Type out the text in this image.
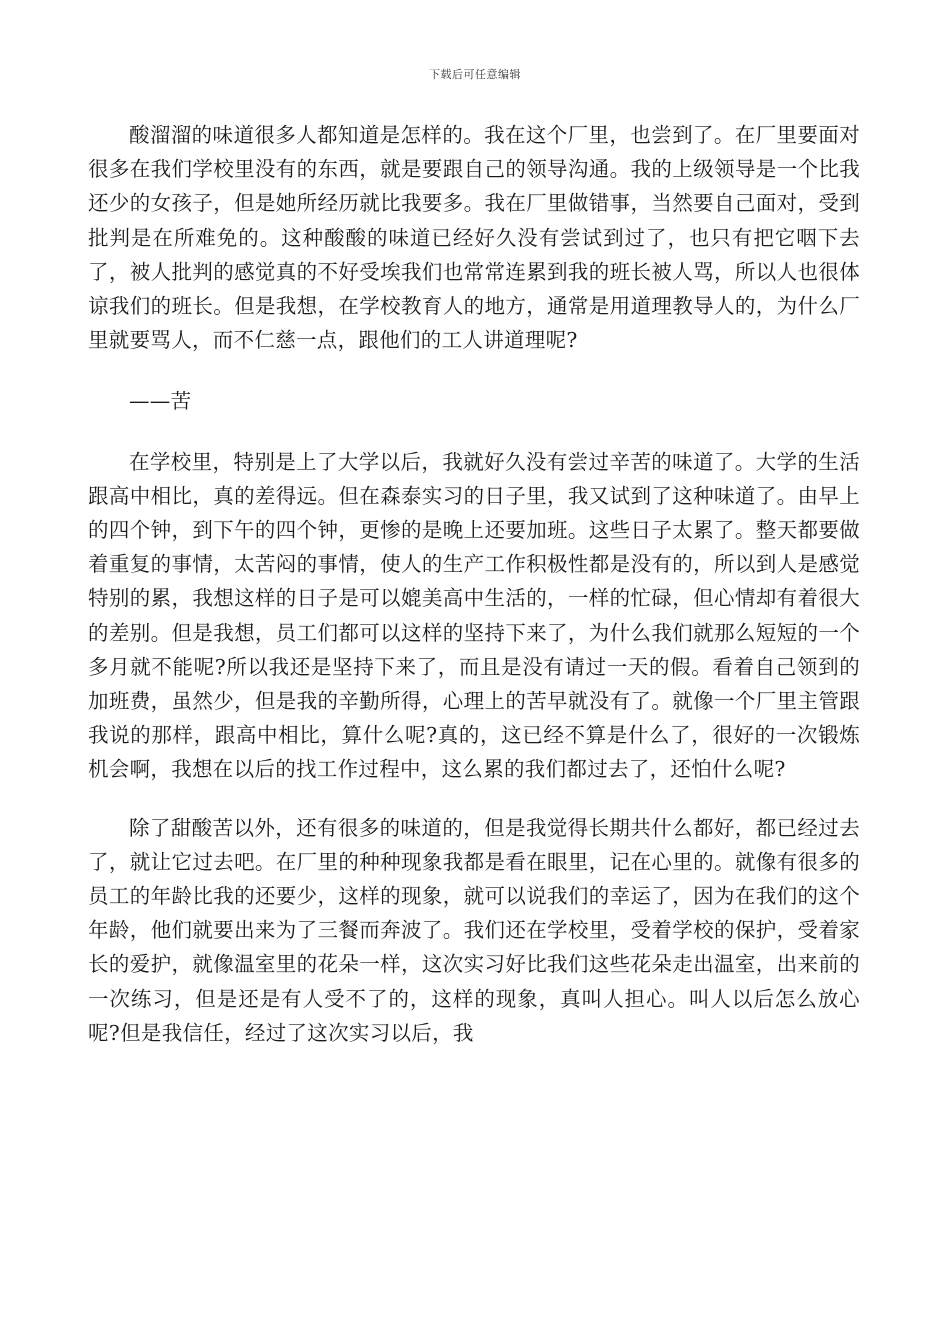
下载后可任意编辑

酸溜溜的味道很多人都知道是怎样的。我在这个厂里，也尝到了。在厂里要面对很多在我们学校里没有的东西，就是要跟自己的领导沟通。我的上级领导是一个比我还少的女孩子，但是她所经历就比我要多。我在厂里做错事，当然要自己面对，受到批判是在所难免的。这种酸酸的味道已经好久没有尝试到过了，也只有把它咽下去了，被人批判的感觉真的不好受埃我们也常常连累到我的班长被人骂，所以人也很体谅我们的班长。但是我想，在学校教育人的地方，通常是用道理教导人的，为什么厂里就要骂人，而不仁慈一点，跟他们的工人讲道理呢?

——苦

在学校里，特别是上了大学以后，我就好久没有尝过辛苦的味道了。大学的生活跟高中相比，真的差得远。但在森泰实习的日子里，我又试到了这种味道了。由早上的四个钟，到下午的四个钟，更惨的是晚上还要加班。这些日子太累了。整天都要做着重复的事情，太苦闷的事情，使人的生产工作积极性都是没有的，所以到人是感觉特别的累，我想这样的日子是可以媲美高中生活的，一样的忙碌，但心情却有着很大的差别。但是我想，员工们都可以这样的坚持下来了，为什么我们就那么短短的一个多月就不能呢?所以我还是坚持下来了，而且是没有请过一天的假。看着自己领到的加班费，虽然少，但是我的辛勤所得，心理上的苦早就没有了。就像一个厂里主管跟我说的那样，跟高中相比，算什么呢?真的，这已经不算是什么了，很好的一次锻炼机会啊，我想在以后的找工作过程中，这么累的我们都过去了，还怕什么呢?

除了甜酸苦以外，还有很多的味道的，但是我觉得长期共什么都好，都已经过去了，就让它过去吧。在厂里的种种现象我都是看在眼里，记在心里的。就像有很多的员工的年龄比我的还要少，这样的现象，就可以说我们的幸运了，因为在我们的这个年龄，他们就要出来为了三餐而奔波了。我们还在学校里，受着学校的保护，受着家长的爱护，就像温室里的花朵一样，这次实习好比我们这些花朵走出温室，出来前的一次练习，但是还是有人受不了的，这样的现象，真叫人担心。叫人以后怎么放心呢?但是我信任，经过了这次实习以后，我
